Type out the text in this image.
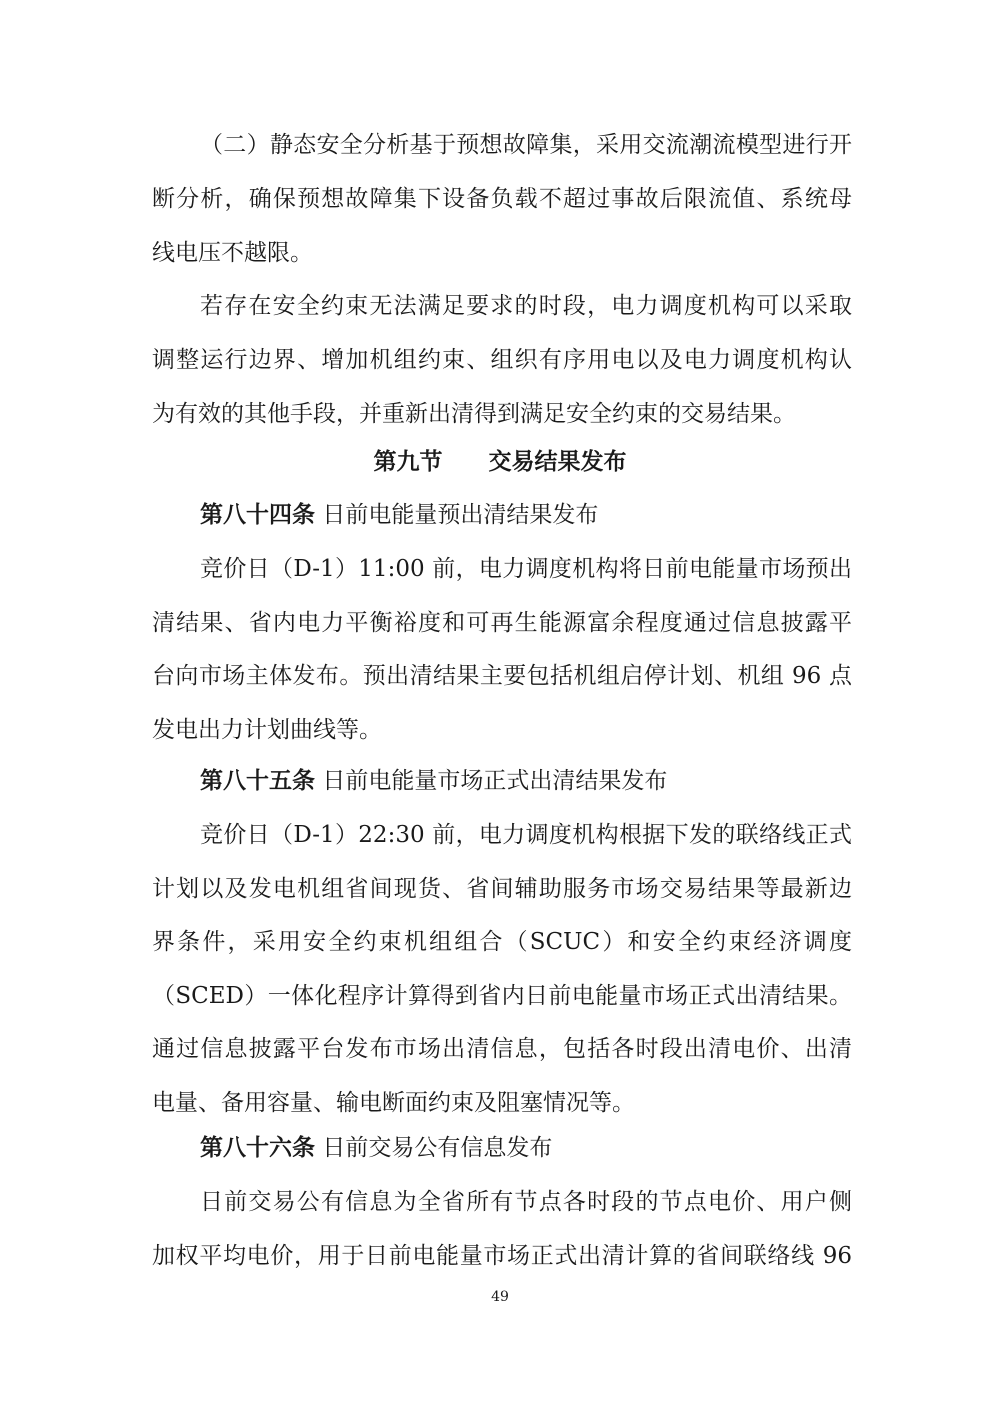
（二）静态安全分析基于预想故障集，采用交流潮流模型进行开
断分析，确保预想故障集下设备负载不超过事故后限流值、系统母
线电压不越限。
若存在安全约束无法满足要求的时段，电力调度机构可以采取
调整运行边界、增加机组约束、组织有序用电以及电力调度机构认
为有效的其他手段，并重新出清得到满足安全约束的交易结果。
第九节　　交易结果发布
第八十四条 日前电能量预出清结果发布
竞价日（D-1）11:00 前，电力调度机构将日前电能量市场预出
清结果、省内电力平衡裕度和可再生能源富余程度通过信息披露平
台向市场主体发布。预出清结果主要包括机组启停计划、机组 96 点
发电出力计划曲线等。
第八十五条 日前电能量市场正式出清结果发布
竞价日（D-1）22:30 前，电力调度机构根据下发的联络线正式
计划以及发电机组省间现货、省间辅助服务市场交易结果等最新边
界条件，采用安全约束机组组合（SCUC）和安全约束经济调度
（SCED）一体化程序计算得到省内日前电能量市场正式出清结果。
通过信息披露平台发布市场出清信息，包括各时段出清电价、出清
电量、备用容量、输电断面约束及阻塞情况等。
第八十六条 日前交易公有信息发布
日前交易公有信息为全省所有节点各时段的节点电价、用户侧
加权平均电价，用于日前电能量市场正式出清计算的省间联络线 96
49
